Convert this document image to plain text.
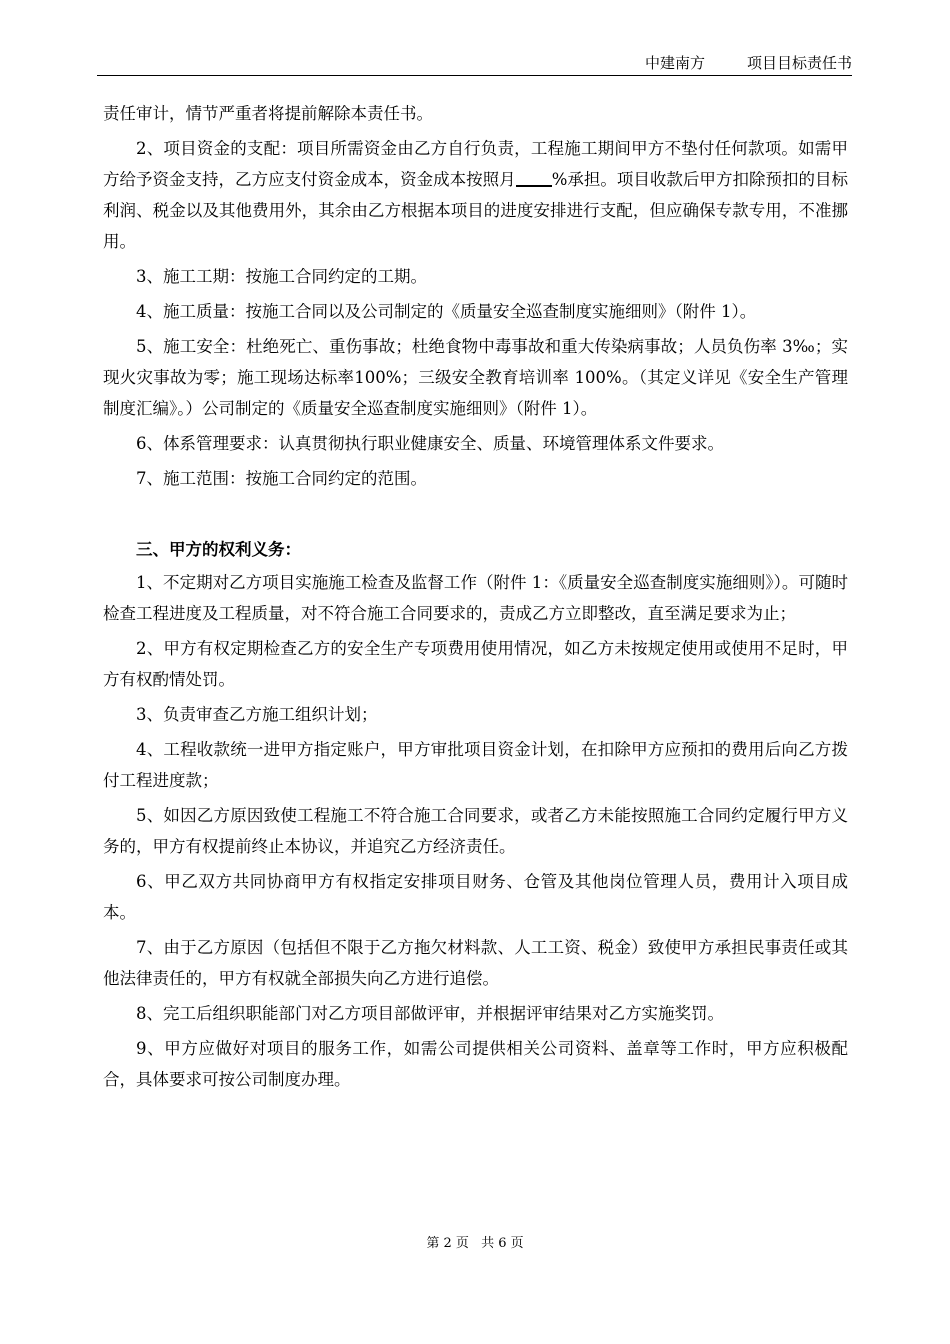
中建南方	项目目标责任书

责任审计，情节严重者将提前解除本责任书。

2、项目资金的支配：项目所需资金由乙方自行负责，工程施工期间甲方不垫付任何款项。如需甲方给予资金支持，乙方应支付资金成本，资金成本按照月 %承担。项目收款后甲方扣除预扣的目标利润、税金以及其他费用外，其余由乙方根据本项目的进度安排进行支配，但应确保专款专用，不准挪用。

3、施工工期：按施工合同约定的工期。

4、施工质量：按施工合同以及公司制定的《质量安全巡查制度实施细则》（附件 1）。

5、施工安全：杜绝死亡、重伤事故；杜绝食物中毒事故和重大传染病事故；人员负伤率 3‰；实现火灾事故为零；施工现场达标率100%；三级安全教育培训率 100%。（其定义详见《安全生产管理制度汇编》。）公司制定的《质量安全巡查制度实施细则》（附件 1）。

6、体系管理要求：认真贯彻执行职业健康安全、质量、环境管理体系文件要求。

7、施工范围：按施工合同约定的范围。

三、甲方的权利义务：

1、不定期对乙方项目实施施工检查及监督工作（附件 1：《质量安全巡查制度实施细则》）。可随时检查工程进度及工程质量，对不符合施工合同要求的，责成乙方立即整改，直至满足要求为止；

2、甲方有权定期检查乙方的安全生产专项费用使用情况，如乙方未按规定使用或使用不足时，甲方有权酌情处罚。

3、负责审查乙方施工组织计划；

4、工程收款统一进甲方指定账户，甲方审批项目资金计划，在扣除甲方应预扣的费用后向乙方拨付工程进度款；

5、如因乙方原因致使工程施工不符合施工合同要求，或者乙方未能按照施工合同约定履行甲方义务的，甲方有权提前终止本协议，并追究乙方经济责任。

6、甲乙双方共同协商甲方有权指定安排项目财务、仓管及其他岗位管理人员，费用计入项目成本。

7、由于乙方原因（包括但不限于乙方拖欠材料款、人工工资、税金）致使甲方承担民事责任或其他法律责任的，甲方有权就全部损失向乙方进行追偿。

8、完工后组织职能部门对乙方项目部做评审，并根据评审结果对乙方实施奖罚。

9、甲方应做好对项目的服务工作，如需公司提供相关公司资料、盖章等工作时，甲方应积极配合，具体要求可按公司制度办理。

第 2 页 共 6 页
